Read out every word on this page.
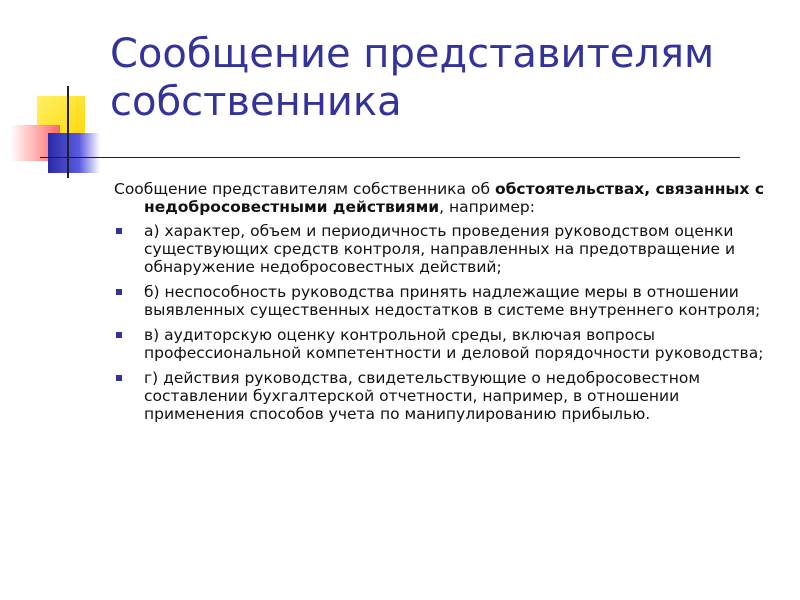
Сообщение представителям
собственника

Сообщение представителям собственника об обстоятельствах, связанных с недобросовестными действиями, например:

а) характер, объем и периодичность проведения руководством оценки существующих средств контроля, направленных на предотвращение и обнаружение недобросовестных действий;
б) неспособность руководства принять надлежащие меры в отношении выявленных существенных недостатков в системе внутреннего контроля;
в) аудиторскую оценку контрольной среды, включая вопросы профессиональной компетентности и деловой порядочности руководства;
г) действия руководства, свидетельствующие о недобросовестном составлении бухгалтерской отчетности, например, в отношении применения способов учета по манипулированию прибылью.
